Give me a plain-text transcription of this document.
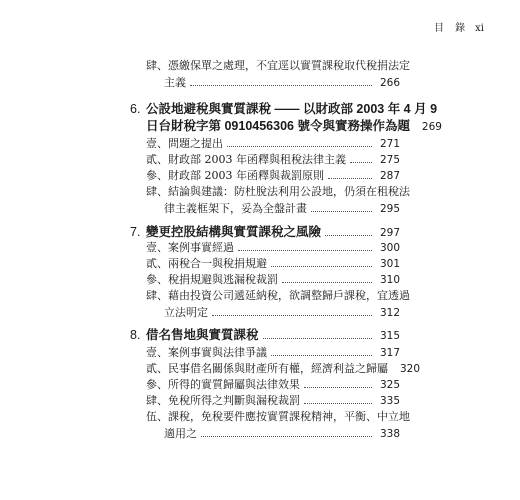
目 錄 xi
肆、憑繳保單之處理，不宜逕以實質課稅取代稅捐法定
主義	266
6. 公設地避稅與實質課稅 —— 以財政部 2003 年 4 月 9
日台財稅字第 0910456306 號令與實務操作為題 269
壹、問題之提出	271
貳、財政部 2003 年函釋與租稅法律主義	275
參、財政部 2003 年函釋與裁罰原則	287
肆、結論與建議：防杜脫法利用公設地，仍須在租稅法
律主義框架下，妥為全盤計畫	295
7. 變更控股結構與實質課稅之風險	297
壹、案例事實經過	300
貳、兩稅合一與稅捐規避	301
參、稅捐規避與逃漏稅裁罰	310
肆、藉由投資公司遞延納稅，欲調整歸戶課稅，宜透過
立法明定	312
8. 借名售地與實質課稅	315
壹、案例事實與法律爭議	317
貳、民事借名關係與財產所有權，經濟利益之歸屬 320
參、所得的實質歸屬與法律效果	325
肆、免稅所得之判斷與漏稅裁罰	335
伍、課稅，免稅要件應按實質課稅精神，平衡、中立地
適用之	338
